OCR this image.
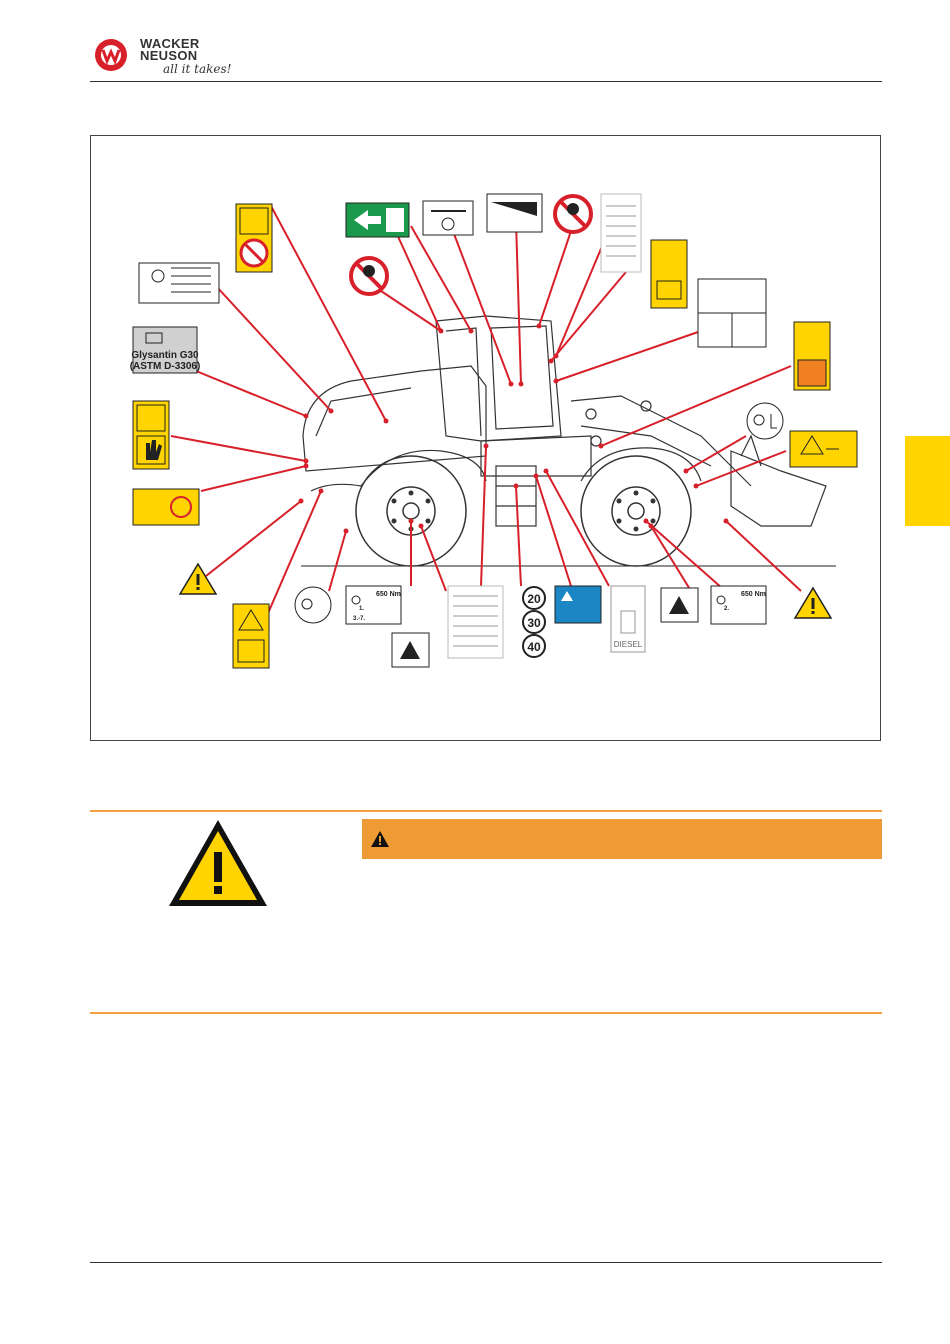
WACKER
NEUSON
all it takes!
Glysantin G30
(ASTM D-3306)
650 Nm
1.
3.-7.
20
30
40	DIESEL
650 Nm
2.
